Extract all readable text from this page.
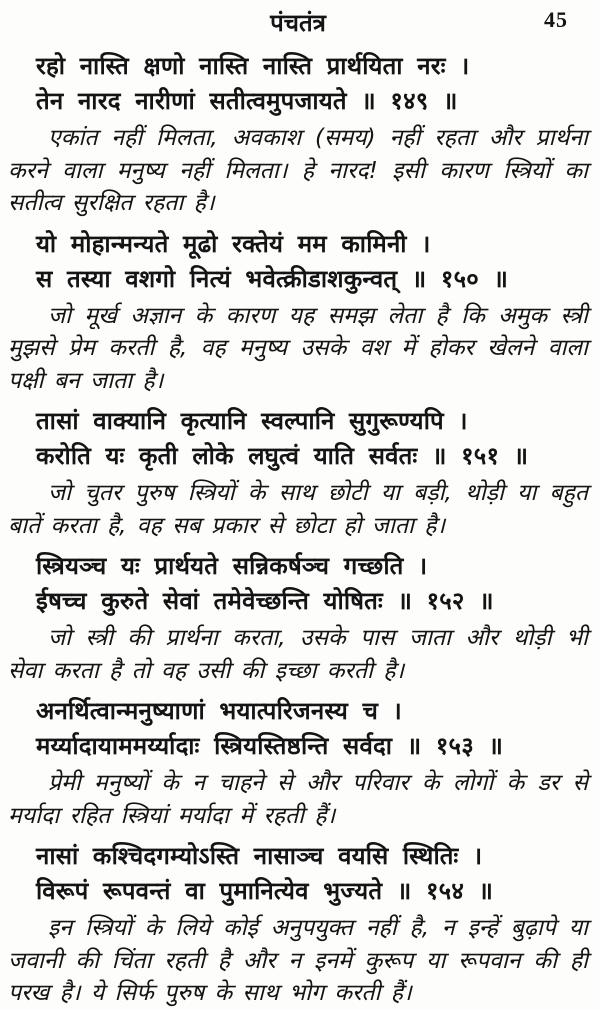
पंचतंत्र	45
रहो नास्ति क्षणो नास्ति नास्ति प्रार्थयिता नरः ।
तेन नारद नारीणां सतीत्वमुपजायते ॥ १४९ ॥

एकांत नहीं मिलता, अवकाश (समय) नहीं रहता और प्रार्थना करने वाला मनुष्य नहीं मिलता। हे नारद! इसी कारण स्त्रियों का सतीत्व सुरक्षित रहता है।

यो मोहान्मन्यते मूढो रक्तेयं मम कामिनी ।
स तस्या वशगो नित्यं भवेत्क्रीडाशकुन्वत् ॥ १५० ॥

जो मूर्ख अज्ञान के कारण यह समझ लेता है कि अमुक स्त्री मुझसे प्रेम करती है, वह मनुष्य उसके वश में होकर खेलने वाला पक्षी बन जाता है।

तासां वाक्यानि कृत्यानि स्वल्पानि सुगुरूण्यपि ।
करोति यः कृती लोके लघुत्वं याति सर्वतः ॥ १५१ ॥

जो चुतर पुरुष स्त्रियों के साथ छोटी या बड़ी, थोड़ी या बहुत बातें करता है, वह सब प्रकार से छोटा हो जाता है।

स्त्रियञ्च यः प्रार्थयते सन्निकर्षञ्च गच्छति ।
ईषच्च कुरुते सेवां तमेवेच्छन्ति योषितः ॥ १५२ ॥

जो स्त्री की प्रार्थना करता, उसके पास जाता और थोड़ी भी सेवा करता है तो वह उसी की इच्छा करती है।

अनर्थित्वान्मनुष्याणां भयात्परिजनस्य च ।
मर्य्यादायाममर्य्यादाः स्त्रियस्तिष्ठन्ति सर्वदा ॥ १५३ ॥

प्रेमी मनुष्यों के न चाहने से और परिवार के लोगों के डर से मर्यादा रहित स्त्रियां मर्यादा में रहती हैं।

नासां कश्चिदगम्योऽस्ति नासाञ्च वयसि स्थितिः ।
विरूपं रूपवन्तं वा पुमानित्येव भुज्यते ॥ १५४ ॥

इन स्त्रियों के लिये कोई अनुपयुक्त नहीं है, न इन्हें बुढ़ापे या जवानी की चिंता रहती है और न इनमें कुरूप या रूपवान की ही परख है। ये सिर्फ पुरुष के साथ भोग करती हैं।
